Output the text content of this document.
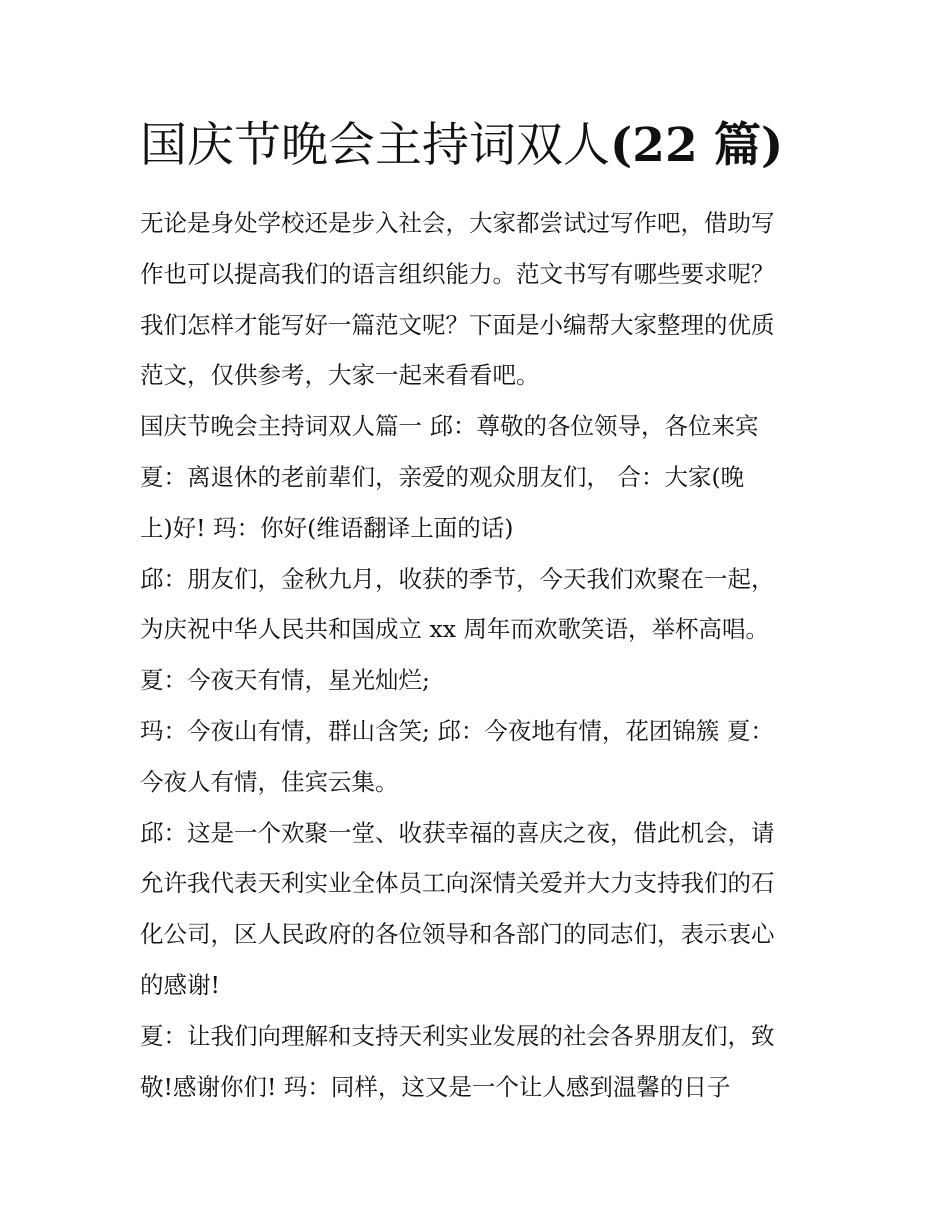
国庆节晚会主持词双人(22 篇)
无论是身处学校还是步入社会，大家都尝试过写作吧，借助写
作也可以提高我们的语言组织能力。范文书写有哪些要求呢？
我们怎样才能写好一篇范文呢？下面是小编帮大家整理的优质
范文，仅供参考，大家一起来看看吧。
国庆节晚会主持词双人篇一 邱：尊敬的各位领导，各位来宾
夏：离退休的老前辈们，亲爱的观众朋友们， 合：大家(晚
上)好! 玛：你好(维语翻译上面的话)
邱：朋友们，金秋九月，收获的季节，今天我们欢聚在一起，
为庆祝中华人民共和国成立 xx 周年而欢歌笑语，举杯高唱。
夏：今夜天有情，星光灿烂;
玛：今夜山有情，群山含笑; 邱：今夜地有情，花团锦簇 夏：
今夜人有情，佳宾云集。
邱：这是一个欢聚一堂、收获幸福的喜庆之夜，借此机会，请
允许我代表天利实业全体员工向深情关爱并大力支持我们的石
化公司，区人民政府的各位领导和各部门的同志们，表示衷心
的感谢!
夏：让我们向理解和支持天利实业发展的社会各界朋友们，致
敬!感谢你们! 玛：同样，这又是一个让人感到温馨的日子
